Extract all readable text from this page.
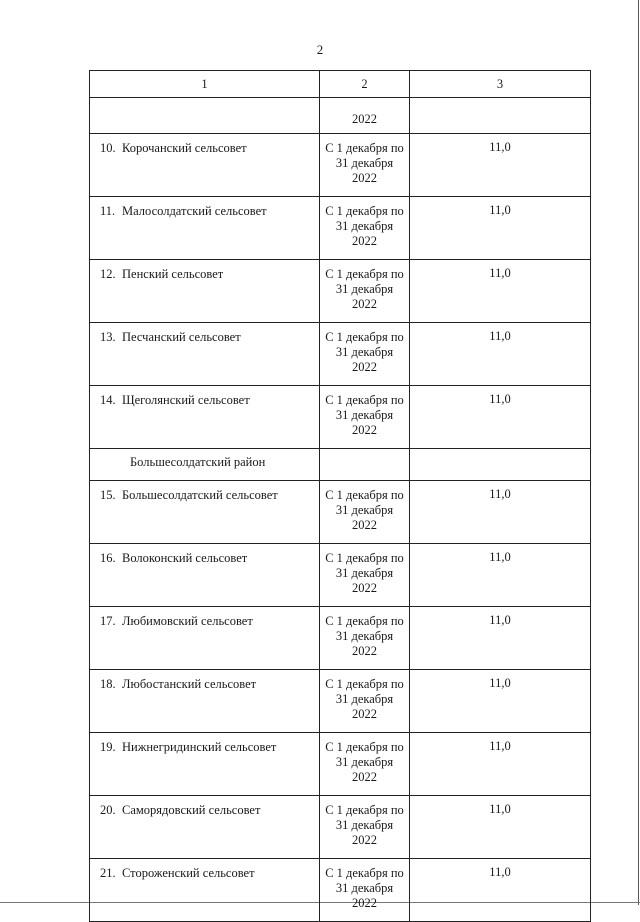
2
1	2	3
	2022	
10. Корочанский сельсовет	С 1 декабря по
31 декабря
2022	11,0
11. Малосолдатский сельсовет	С 1 декабря по
31 декабря
2022	11,0
12. Пенский сельсовет	С 1 декабря по
31 декабря
2022	11,0
13. Песчанский сельсовет	С 1 декабря по
31 декабря
2022	11,0
14. Щеголянский сельсовет	С 1 декабря по
31 декабря
2022	11,0
Большесолдатский район		
15. Большесолдатский сельсовет	С 1 декабря по
31 декабря
2022	11,0
16. Волоконский сельсовет	С 1 декабря по
31 декабря
2022	11,0
17. Любимовский сельсовет	С 1 декабря по
31 декабря
2022	11,0
18. Любостанский сельсовет	С 1 декабря по
31 декабря
2022	11,0
19. Нижнегридинский сельсовет	С 1 декабря по
31 декабря
2022	11,0
20. Саморядовский сельсовет	С 1 декабря по
31 декабря
2022	11,0
21. Стороженский сельсовет	С 1 декабря по
31 декабря
2022	11,0
